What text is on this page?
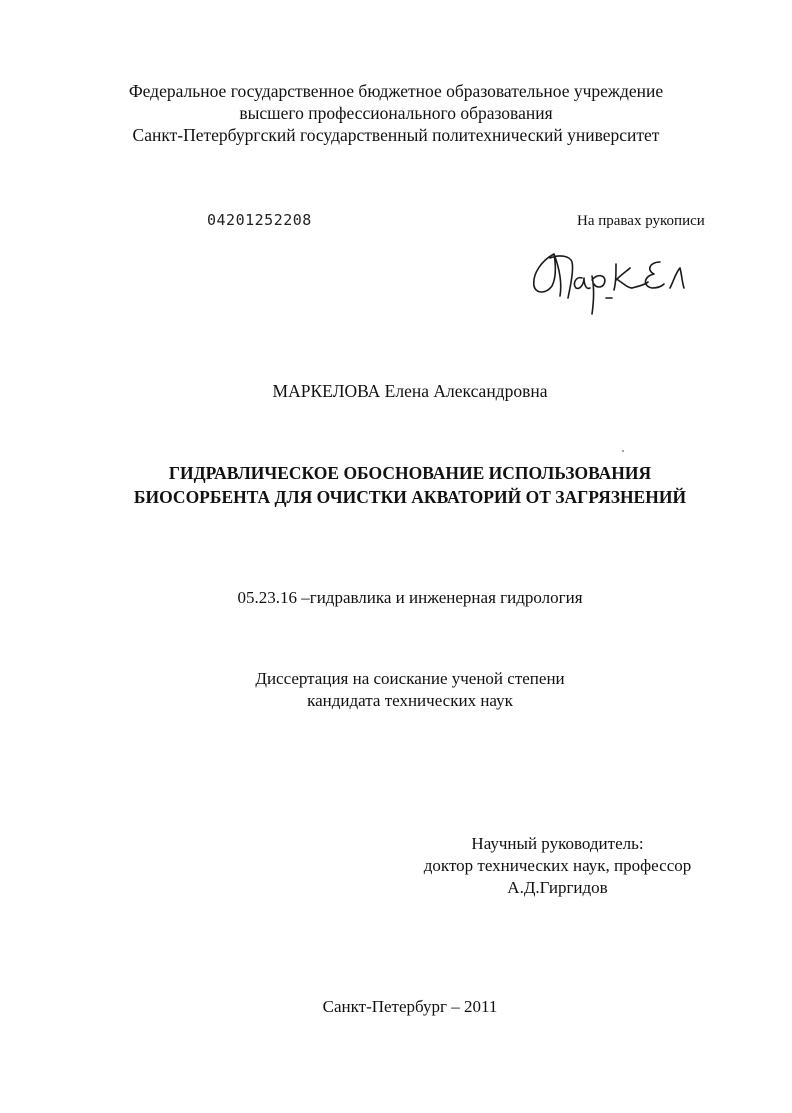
Федеральное государственное бюджетное образовательное учреждение
высшего профессионального образования
Санкт-Петербургский государственный политехнический университет
04201252208	На правах рукописи
МАРКЕЛОВА Елена Александровна
ГИДРАВЛИЧЕСКОЕ ОБОСНОВАНИЕ ИСПОЛЬЗОВАНИЯ
БИОСОРБЕНТА ДЛЯ ОЧИСТКИ АКВАТОРИЙ ОТ ЗАГРЯЗНЕНИЙ
05.23.16 –гидравлика и инженерная гидрология
Диссертация на соискание ученой степени
кандидата технических наук
Научный руководитель:
доктор технических наук, профессор
А.Д.Гиргидов
Санкт-Петербург – 2011
